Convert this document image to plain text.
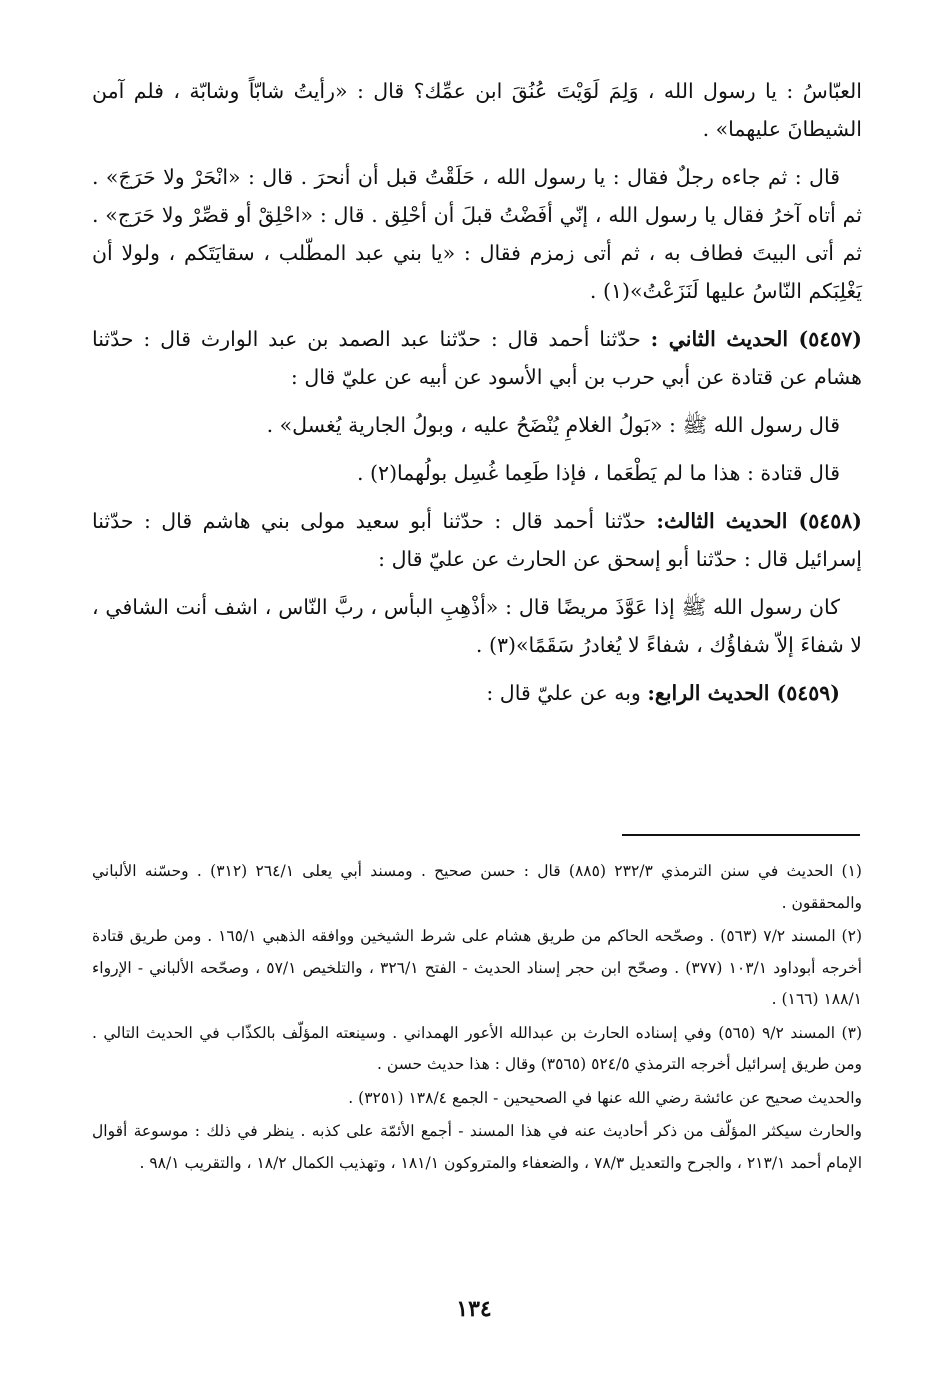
العبّاسُ : يا رسول الله ، وَلِمَ لَوَيْتَ عُنُقَ ابن عمِّك؟ قال : «رأيتُ شابّاً وشابّة ، فلم آمن الشيطانَ عليهما» .

قال : ثم جاءه رجلٌ فقال : يا رسول الله ، حَلَقْتُ قبل أن أنحرَ . قال : «انْحَرْ ولا حَرَجَ» . ثم أتاه آخرُ فقال يا رسول الله ، إنّي أفَضْتُ قبلَ أن أحْلِق . قال : «احْلِقْ أو قصِّرْ ولا حَرَج» . ثم أتى البيتَ فطاف به ، ثم أتى زمزم فقال : «يا بني عبد المطّلب ، سقايَتَكم ، ولولا أن يَغْلِبَكم النّاسُ عليها لَنَزَعْتُ»(١) .

(٥٤٥٧) الحديث الثاني : حدّثنا أحمد قال : حدّثنا عبد الصمد بن عبد الوارث قال : حدّثنا هشام عن قتادة عن أبي حرب بن أبي الأسود عن أبيه عن عليّ قال :

قال رسول الله ﷺ : «بَولُ الغلامِ يُنْضَحُ عليه ، وبولُ الجارية يُغسل» .

قال قتادة : هذا ما لم يَطْعَما ، فإذا طَعِما غُسِل بولُهما(٢) .

(٥٤٥٨) الحديث الثالث: حدّثنا أحمد قال : حدّثنا أبو سعيد مولى بني هاشم قال : حدّثنا إسرائيل قال : حدّثنا أبو إسحق عن الحارث عن عليّ قال :

كان رسول الله ﷺ إذا عَوَّذَ مريضًا قال : «أذْهِبِ البأس ، ربَّ النّاس ، اشف أنت الشافي ، لا شفاءَ إلاّ شفاؤُك ، شفاءً لا يُغادرُ سَقَمًا»(٣) .

(٥٤٥٩) الحديث الرابع: وبه عن عليّ قال :

(١) الحديث في سنن الترمذي ٢٣٢/٣ (٨٨٥) قال : حسن صحيح . ومسند أبي يعلى ٢٦٤/١ (٣١٢) . وحسّنه الألباني والمحققون .

(٢) المسند ٧/٢ (٥٦٣) . وصحّحه الحاكم من طريق هشام على شرط الشيخين ووافقه الذهبي ١٦٥/١ . ومن طريق قتادة أخرجه أبوداود ١٠٣/١ (٣٧٧) . وصحّح ابن حجر إسناد الحديث - الفتح ٣٢٦/١ ، والتلخيص ٥٧/١ ، وصحّحه الألباني - الإرواء ١٨٨/١ (١٦٦) .

(٣) المسند ٩/٢ (٥٦٥) وفي إسناده الحارث بن عبدالله الأعور الهمداني . وسينعته المؤلّف بالكذّاب في الحديث التالي . ومن طريق إسرائيل أخرجه الترمذي ٥٢٤/٥ (٣٥٦٥) وقال : هذا حديث حسن .

والحديث صحيح عن عائشة رضي الله عنها في الصحيحين - الجمع ١٣٨/٤ (٣٢٥١) .

والحارث سيكثر المؤلّف من ذكر أحاديث عنه في هذا المسند - أجمع الأئمّة على كذبه . ينظر في ذلك : موسوعة أقوال الإمام أحمد ٢١٣/١ ، والجرح والتعديل ٧٨/٣ ، والضعفاء والمتروكون ١٨١/١ ، وتهذيب الكمال ١٨/٢ ، والتقريب ٩٨/١ .

١٣٤
